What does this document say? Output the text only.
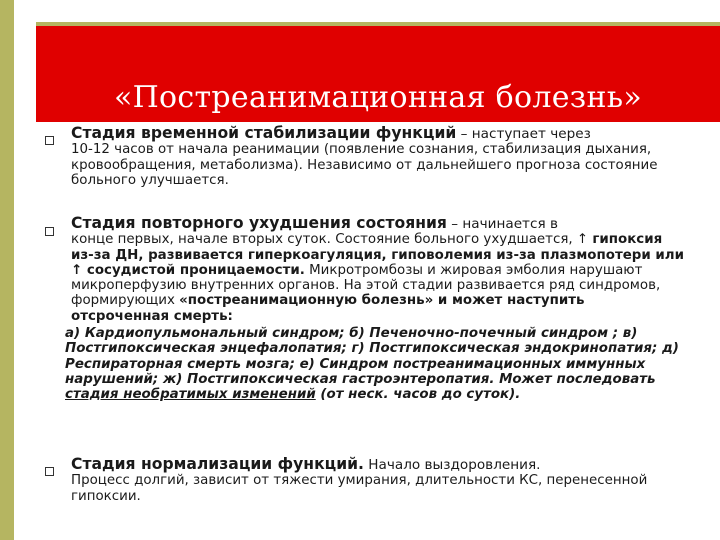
«Постреанимационная болезнь»

Стадия временной стабилизации функций – наступает через
10-12 часов от начала реанимации (появление сознания, стабилизация дыхания, кровообращения, метаболизма). Независимо от дальнейшего прогноза состояние больного улучшается.

Стадия повторного ухудшения состояния – начинается в
конце первых, начале вторых суток. Состояние больного ухудшается, ↑ гипоксия из-за ДН, развивается гиперкоагуляция, гиповолемия из-за плазмопотери или ↑ сосудистой проницаемости. Микротромбозы и жировая эмболия нарушают микроперфузию внутренних органов. На этой стадии развивается ряд синдромов, формирующих «постреанимационную болезнь» и может наступить отсроченная смерть:
а) Кардиопульмональный синдром; б) Печеночно-почечный синдром ; в) Постгипоксическая энцефалопатия; г) Постгипоксическая эндокринопатия; д) Респираторная смерть мозга; е) Синдром постреанимационных иммунных нарушений; ж) Постгипоксическая гастроэнтеропатия. Может последовать стадия необратимых изменений (от неск. часов до суток).

Стадия нормализации функций. Начало выздоровления.
Процесс долгий, зависит от тяжести умирания, длительности КС, перенесенной гипоксии.
